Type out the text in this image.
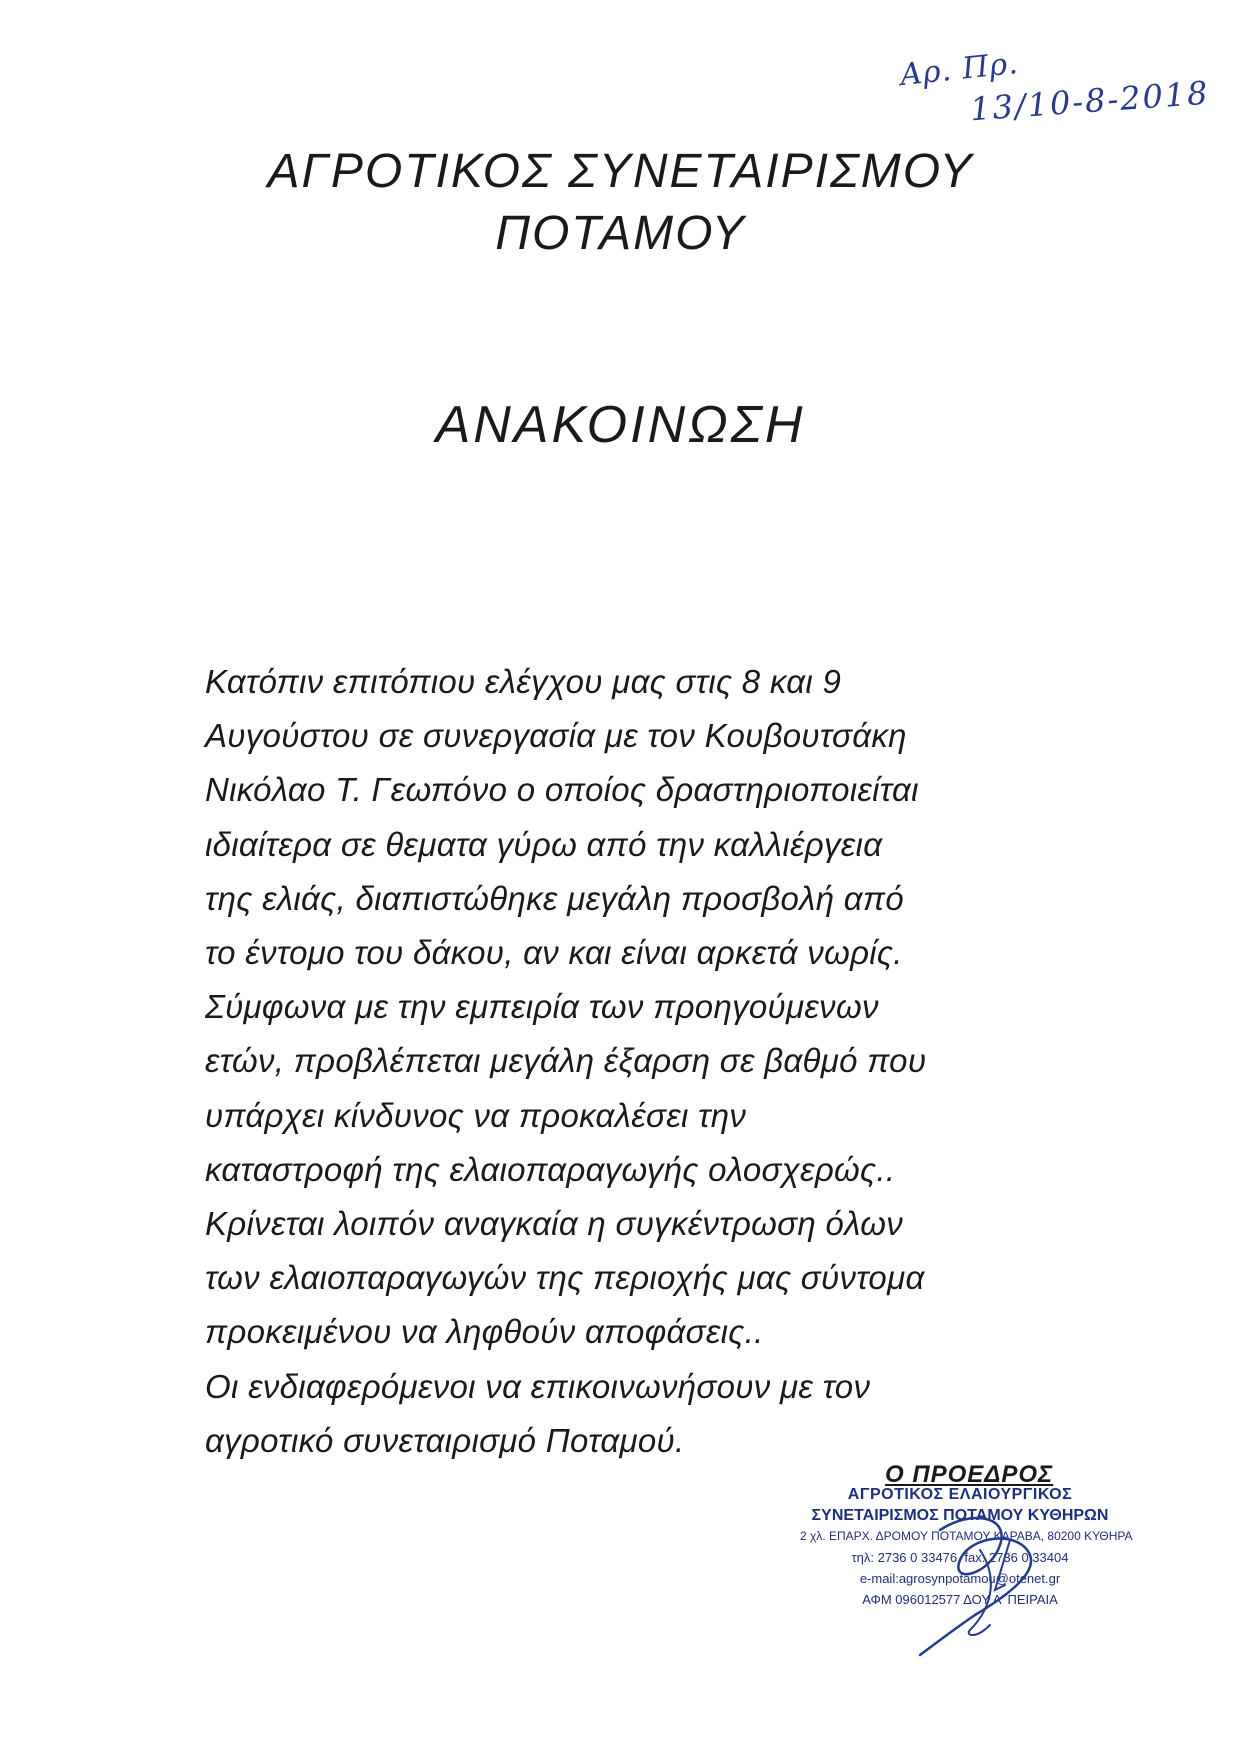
Αρ. Πρ.
13/10-8-2018
ΑΓΡΟΤΙΚΟΣ ΣΥΝΕΤΑΙΡΙΣΜΟΥ
ΠΟΤΑΜΟΥ
ΑΝΑΚΟΙΝΩΣΗ
Κατόπιν επιτόπιου ελέγχου μας στις 8 και 9
Αυγούστου σε συνεργασία με τον Κουβουτσάκη
Νικόλαο Τ. Γεωπόνο ο οποίος δραστηριοποιείται
ιδιαίτερα σε θεματα γύρω από την καλλιέργεια
της ελιάς, διαπιστώθηκε μεγάλη προσβολή από
το έντομο του δάκου, αν και είναι αρκετά νωρίς.
Σύμφωνα με την εμπειρία των προηγούμενων
ετών, προβλέπεται μεγάλη έξαρση σε βαθμό που
υπάρχει κίνδυνος να προκαλέσει την
καταστροφή της ελαιοπαραγωγής ολοσχερώς..
Κρίνεται λοιπόν αναγκαία η συγκέντρωση όλων
των ελαιοπαραγωγών της περιοχής μας σύντομα
προκειμένου να ληφθούν αποφάσεις..
Οι ενδιαφερόμενοι να επικοινωνήσουν με τον
αγροτικό συνεταιρισμό Ποταμού.
Ο ΠΡΟΕΔΡΟΣ
ΑΓΡΟΤΙΚΟΣ ΕΛΑΙΟΥΡΓΙΚΟΣ
ΣΥΝΕΤΑΙΡΙΣΜΟΣ ΠΟΤΑΜΟΥ ΚΥΘΗΡΩΝ
2 χλ. ΕΠΑΡΧ. ΔΡΟΜΟΥ ΠΟΤΑΜΟΥ ΚΑΡΑΒΑ, 80200 ΚΥΘΗΡΑ
τηλ: 2736 0 33476, fax: 2736 0 33404
e-mail:agrosynpotamou@otenet.gr
ΑΦΜ 096012577 ΔΟΥ Α' ΠΕΙΡΑΙΑ
